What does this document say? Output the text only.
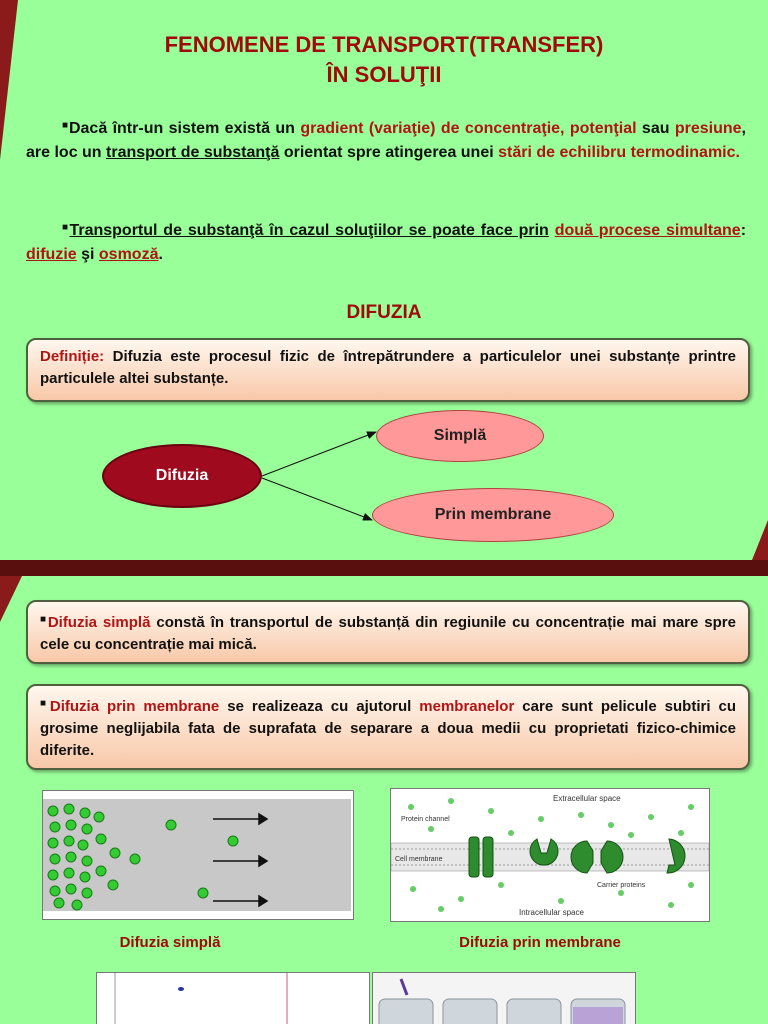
FENOMENE DE TRANSPORT(TRANSFER)
ÎN SOLUŢII
■Dacă într-un sistem există un gradient (variaţie) de concentraţie, potenţial sau presiune, are loc un transport de substanţă orientat spre atingerea unei stări de echilibru termodinamic.
■Transportul de substanţă în cazul soluţiilor se poate face prin două procese simultane: difuzie şi osmoză.
DIFUZIA
Definiție: Difuzia este procesul fizic de întrepătrundere a particulelor unei substanțe printre particulele altei substanțe.
Difuzia
Simplă
Prin membrane
■Difuzia simplă constă în transportul de substanță din regiunile cu concentrație mai mare spre cele cu concentrație mai mică.
■Difuzia prin membrane se realizeaza cu ajutorul membranelor care sunt pelicule subtiri cu grosime neglijabila fata de suprafata de separare a doua medii cu proprietati fizico-chimice diferite.
Extracellular space
Protein channel
Cell membrane
Carrier proteins
Intracellular space
Difuzia simplă	Difuzia prin membrane
